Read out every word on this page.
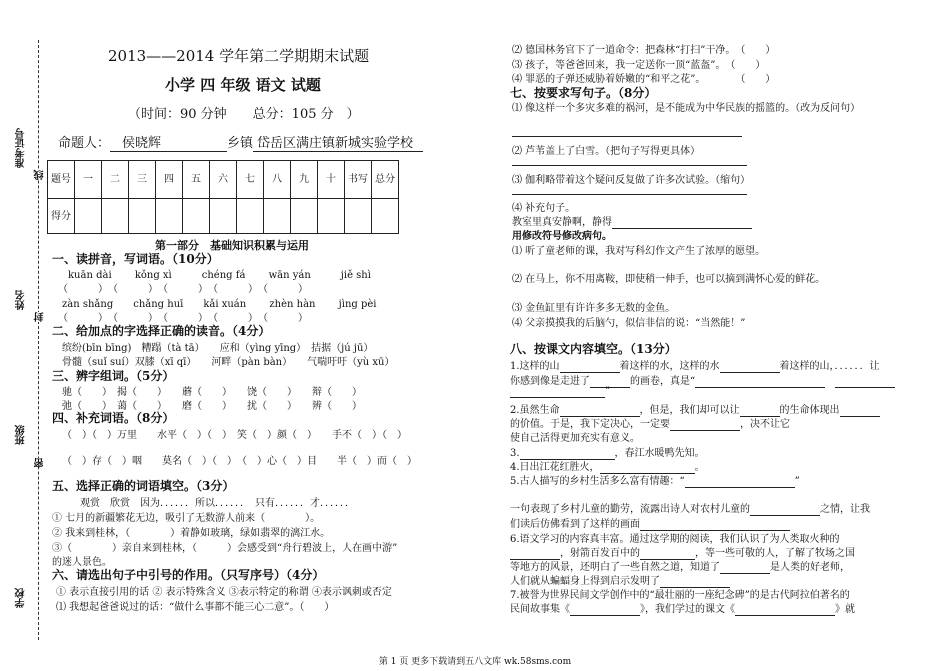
准考证号
线
姓名
封
班级
密
学校
2013——2014 学年第二学期期末试题
小学 四 年级 语文 试题
（时间：90 分钟　　总分：105 分　）
命题人： 侯晓辉	乡镇 岱岳区满庄镇新城实验学校
题号	一	二	三	四	五	六	七	八	九	十	书写	总分
得分												
第一部分　基础知识积累与运用
一、读拼音，写词语。（10分）
kuān dài　　 kǒng xì　　　chéng fá　　 wān yán　　　jiě shì
（　　　）　（　　　）　（　　　）　（　　　）　（　　　）
zàn shǎng　　chǎng huī　　kǎi xuán　　 zhèn hàn　　 jìng pèi
（　　　）　（　　　）　（　　　）　（　　　）　（　　　）
二、给加点的字选择正确的读音。（4分）
缤纷(bīn bīng)　糟蹋（tà tā）　　应和（yìng yīng）　拮据（jú jū）
骨髓（suǐ suí）双膝（xī qī）　　河畔（pàn bàn）　　气喘吁吁（yù xū）
三、辨字组词。（5分）
驰（　　）　揭（　　）　　蘑（　　）　　饶（　　）　　辩（　　）
弛（　　）　蔼（　　）　　磨（　　）　　扰（　　）　　辨（　　）
四、补充词语。（8分）
（　）（　）万里　　水平（　）（　）　笑（　）颜（　）　　手不（　）（　）
（　）存（　）咽　　莫名（　）（　）　（　）心（　）目　　半（　）而（　）
五、选择正确的词语填空。（3分）
观赏　欣赏　因为．．．．．．所以．．．．．．　只有．．．．．．才．．．．．．
① 七月的新疆繁花无边，吸引了无数游人前来（　　　　）。
② 我来到桂林，（　　　　）着静如玻璃，绿如翡翠的漓江水。
③（　　　　）亲自来到桂林，（　　　）会感受到“舟行碧波上，人在画中游”
的迷人景色。
六、请选出句子中引号的作用。（只写序号）（4分）
① 表示直接引用的话 ② 表示特殊含义 ③表示特定的称谓 ④表示讽刺或否定
⑴ 我想起爸爸说过的话：“做什么事都不能三心二意”。（　　）
⑵ 德国林务官下了一道命令：把森林“打扫”干净。　（　　）
⑶ 孩子，等爸爸回来，我一定送你一顶“蓝盔”。　（　　）
⑷ 罪恶的子弹还威胁着娇嫩的“和平之花”。　　　　（　　）
七、按要求写句子。（8分）
⑴ 像这样一个多灾多难的祸河，是不能成为中华民族的摇篮的。（改为反问句）
⑵ 芦苇盖上了白雪。（把句子写得更具体）
⑶ 伽利略带着这个疑问反复做了许多次试验。（缩句）
⑷ 补充句子。
教室里真安静啊，静得
用修改符号修改病句。
⑴ 听了童老师的课，我对写科幻作文产生了浓厚的愿望。
⑵ 在马上，你不用离鞍，即使稍一伸手，也可以摘到满怀心爱的鲜花。
⑶ 金鱼缸里有许许多多无数的金鱼。
⑷ 父亲摸摸我的后脑勺，似信非信的说：“当然能！”
八、按课文内容填空。（13分）
1.这样的山	着这样的水，这样的水	着这样的山，．．．．．．让
你感到像是走进了	的画卷，真是“
”
2.虽然生命	，但是，我们却可以让	的生命体现出
的价值。于是，我下定决心，一定要	，决不让它
使自己活得更加充实有意义。
3.	，春江水暖鸭先知。
4.日出江花红胜火，	。
5.古人描写的乡村生活多么富有情趣：“	”
一句表现了乡村儿童的勤劳，流露出诗人对农村儿童的	之情，让我
们读后仿佛看到了这样的画面
6.语文学习的内容真丰富。通过这学期的阅读，我们认识了为人类取火种的
，射箭百发百中的	，等一些可敬的人，了解了牧场之国
等地方的风景，还明白了一些自然之道，知道了	是人类的好老师，
人们就从蝙蝠身上得到启示发明了
7.被誉为世界民间文学创作中的“最壮丽的一座纪念碑”的是古代阿拉伯著名的
民间故事集《	》，我们学过的课文《	》就
第 1 页 更多下载请到五八文库 wk.58sms.com
